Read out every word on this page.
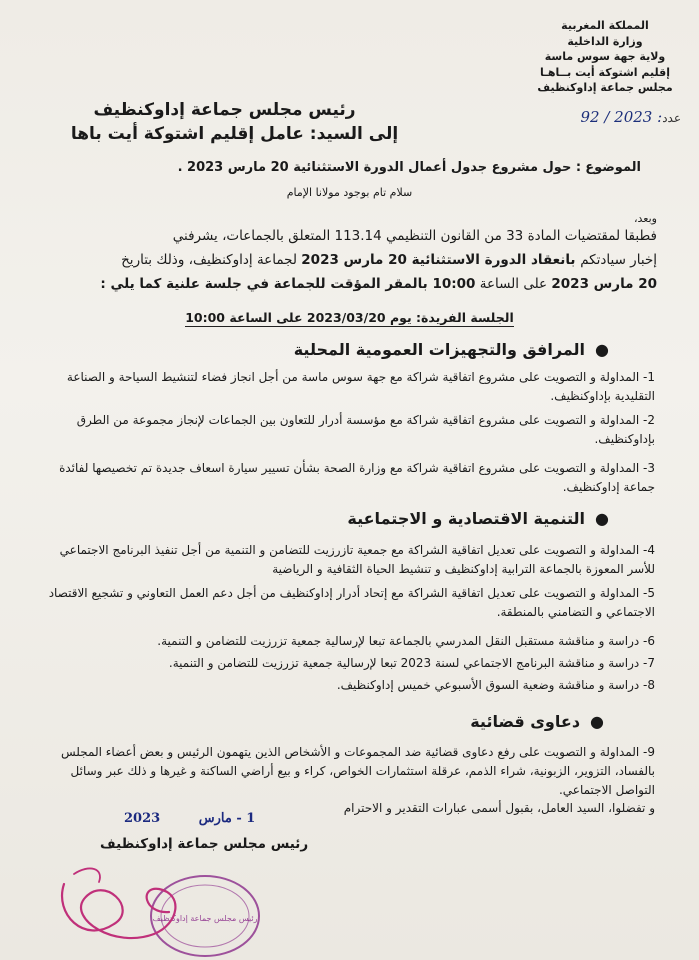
المملكة المغربية
وزارة الداخلية
ولاية جهة سوس ماسة
إقليم اشتوكة أيت بــاهـا
مجلس جماعة إداوكنظيف
عدد: 2023 / 92
رئيس مجلس جماعة إداوكنظيف
إلى السيد: عامل إقليم اشتوكة أيت باها
الموضوع : حول مشروع جدول أعمال الدورة الاستثنائية 20 مارس 2023 .
سلام تام بوجود مولانا الإمام
وبعد،
فطبقا لمقتضيات المادة 33 من القانون التنظيمي 113.14 المتعلق بالجماعات، يشرفني
إخبار سيادتكم بانعقاد الدورة الاستثنائية 20 مارس 2023 لجماعة إداوكنظيف، وذلك بتاريخ
20 مارس 2023 على الساعة 10:00 بالمقر المؤقت للجماعة في جلسة علنية كما يلي :
الجلسة الفريدة: يوم 2023/03/20 على الساعة 10:00
●المرافق والتجهيزات العمومية المحلية
1- المداولة و التصويت على مشروع اتفاقية شراكة مع جهة سوس ماسة من أجل انجاز فضاء لتنشيط السياحة و الصناعة التقليدية بإداوكنظيف.
2- المداولة و التصويت على مشروع اتفاقية شراكة مع مؤسسة أدرار للتعاون بين الجماعات لإنجاز مجموعة من الطرق بإداوكنظيف.
3- المداولة و التصويت على مشروع اتفاقية شراكة مع وزارة الصحة بشأن تسيير سيارة اسعاف جديدة تم تخصيصها لفائدة جماعة إداوكنظيف.
●التنمية الاقتصادية و الاجتماعية
4- المداولة و التصويت على تعديل اتفاقية الشراكة مع جمعية تازرزيت للتضامن و التنمية من أجل تنفيذ البرنامج الاجتماعي للأسر المعوزة بالجماعة الترابية إداوكنظيف و تنشيط الحياة الثقافية و الرياضية
5- المداولة و التصويت على تعديل اتفاقية الشراكة مع إتحاد أدرار إداوكنظيف من أجل دعم العمل التعاوني و تشجيع الاقتصاد الاجتماعي و التضامني بالمنطقة.
6- دراسة و مناقشة مستقبل النقل المدرسي بالجماعة تبعا لإرسالية جمعية تزرزيت للتضامن و التنمية.
7- دراسة و مناقشة البرنامج الاجتماعي لسنة 2023 تبعا لإرسالية جمعية تزرزيت للتضامن و التنمية.
8- دراسة و مناقشة وضعية السوق الأسبوعي خميس إداوكنظيف.
●دعاوى قضائية
9- المداولة و التصويت على رفع دعاوى قضائية ضد المجموعات و الأشخاص الذين يتهمون الرئيس و بعض أعضاء المجلس بالفساد، التزوير، الزبونية، شراء الذمم، عرقلة استثمارات الخواص، كراء و بيع أراضي الساكنة و غيرها و ذلك عبر وسائل التواصل الاجتماعي.
و تفضلوا، السيد العامل، بقبول أسمى عبارات التقدير و الاحترام
1 - مارس 2023
رئيس مجلس جماعة إداوكنظيف
رئيس مجلس جماعة إداوكنظيف
